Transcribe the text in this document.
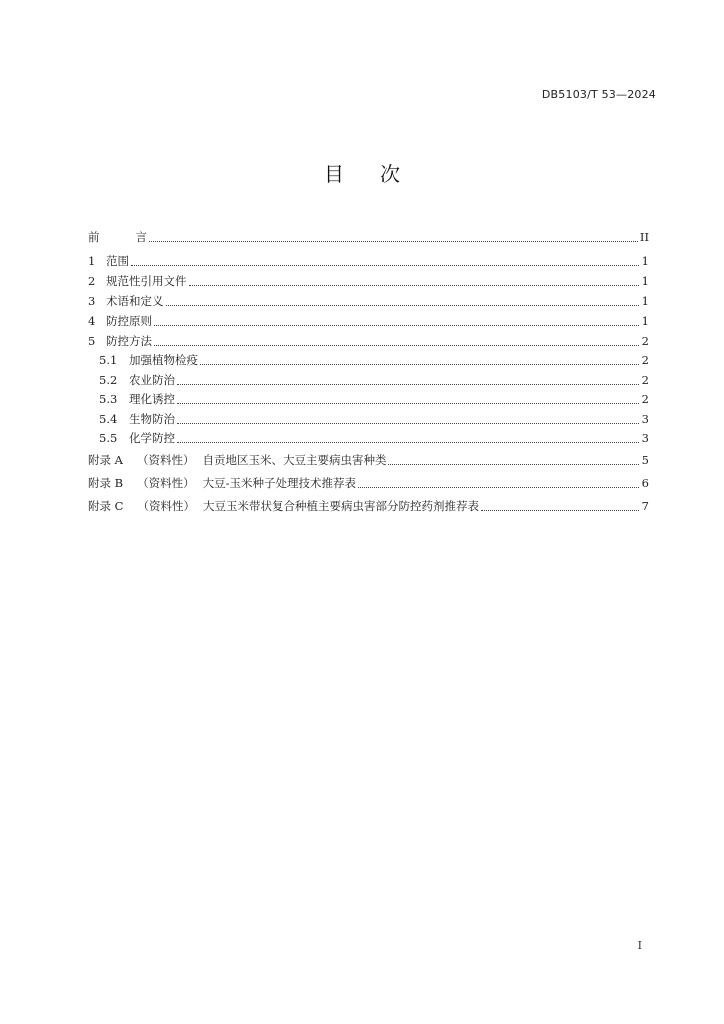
DB5103/T 53—2024
目 次
前	言	II
1 范围	1
2 规范性引用文件	1
3 术语和定义	1
4 防控原则	1
5 防控方法	2
5.1	加强植物检疫	2
5.2	农业防治	2
5.3	理化诱控	2
5.4	生物防治	3
5.5	化学防控	3
附录 A （资料性） 自贡地区玉米、大豆主要病虫害种类	5
附录 B （资料性） 大豆-玉米种子处理技术推荐表	6
附录 C （资料性） 大豆玉米带状复合种植主要病虫害部分防控药剂推荐表	7
I
